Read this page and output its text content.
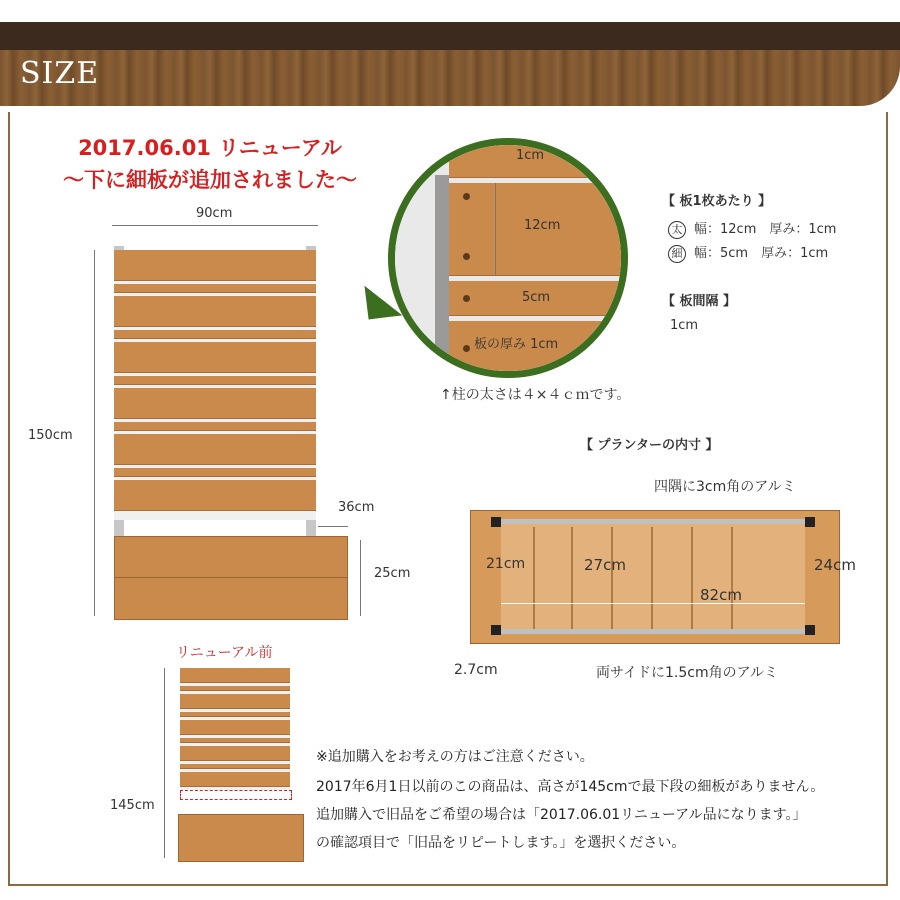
SIZE
2017.06.01 リニューアル
～下に細板が追加されました～
90cm
150cm
36cm
25cm
リニューアル前
145cm
1cm
12cm
5cm
板の厚み 1cm
↑柱の太さは４×４ｃｍです。
【 板1枚あたり 】
太 幅：12cm　厚み：1cm
細 幅：5cm　厚み：1cm
【 板間隔 】
1cm
【 プランターの内寸 】
四隅に3cm角のアルミ
21cm	27cm
82cm
24cm
2.7cm	両サイドに1.5cm角のアルミ
※追加購入をお考えの方はご注意ください。
2017年6月1日以前のこの商品は、高さが145cmで最下段の細板がありません。
追加購入で旧品をご希望の場合は「2017.06.01リニューアル品になります。」
の確認項目で「旧品をリピートします。」を選択ください。
